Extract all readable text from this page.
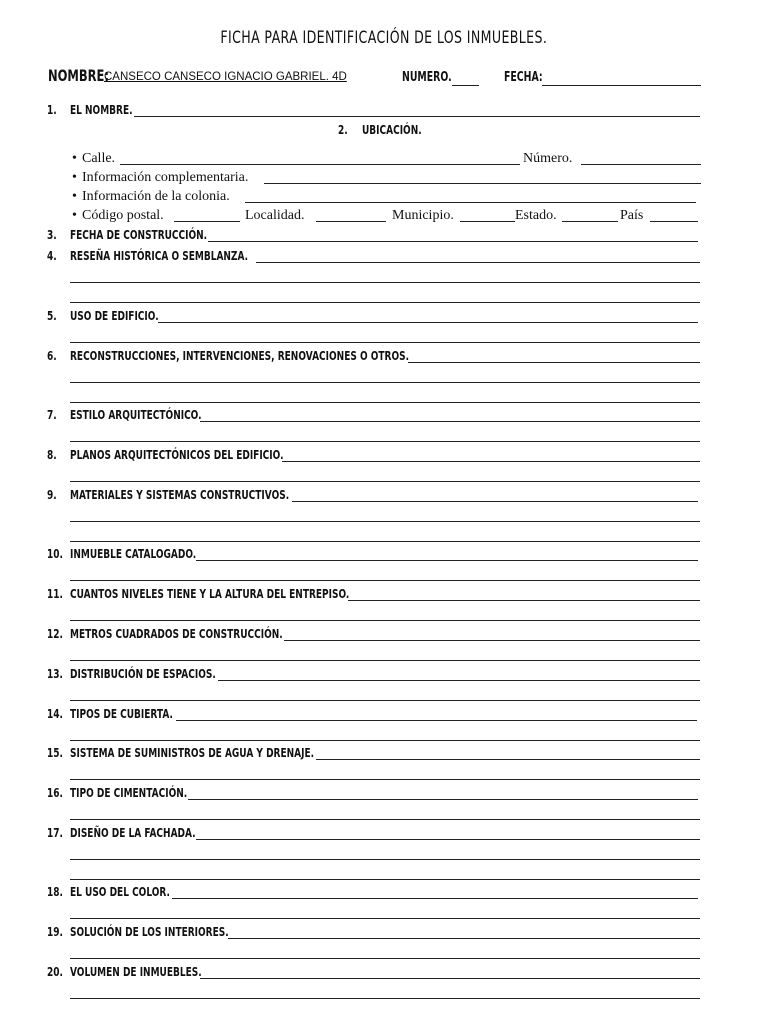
FICHA PARA IDENTIFICACIÓN DE LOS INMUEBLES.
NOMBRE:
CANSECO CANSECO IGNACIO GABRIEL. 4D	NUMERO.	FECHA:
1. EL NOMBRE.
2. UBICACIÓN.
• Calle.	Número.
• Información complementaria.
• Información de la colonia.
• Código postal.	Localidad.	Municipio.	Estado.	País
3. FECHA DE CONSTRUCCIÓN.
4. RESEÑA HISTÓRICA O SEMBLANZA.
5. USO DE EDIFICIO.
6. RECONSTRUCCIONES, INTERVENCIONES, RENOVACIONES O OTROS.
7. ESTILO ARQUITECTÓNICO.
8. PLANOS ARQUITECTÓNICOS DEL EDIFICIO.
9. MATERIALES Y SISTEMAS CONSTRUCTIVOS.
10. INMUEBLE CATALOGADO.
11. CUANTOS NIVELES TIENE Y LA ALTURA DEL ENTREPISO.
12. METROS CUADRADOS DE CONSTRUCCIÓN.
13. DISTRIBUCIÓN DE ESPACIOS.
14. TIPOS DE CUBIERTA.
15. SISTEMA DE SUMINISTROS DE AGUA Y DRENAJE.
16. TIPO DE CIMENTACIÓN.
17. DISEÑO DE LA FACHADA.
18. EL USO DEL COLOR.
19. SOLUCIÓN DE LOS INTERIORES.
20. VOLUMEN DE INMUEBLES.
